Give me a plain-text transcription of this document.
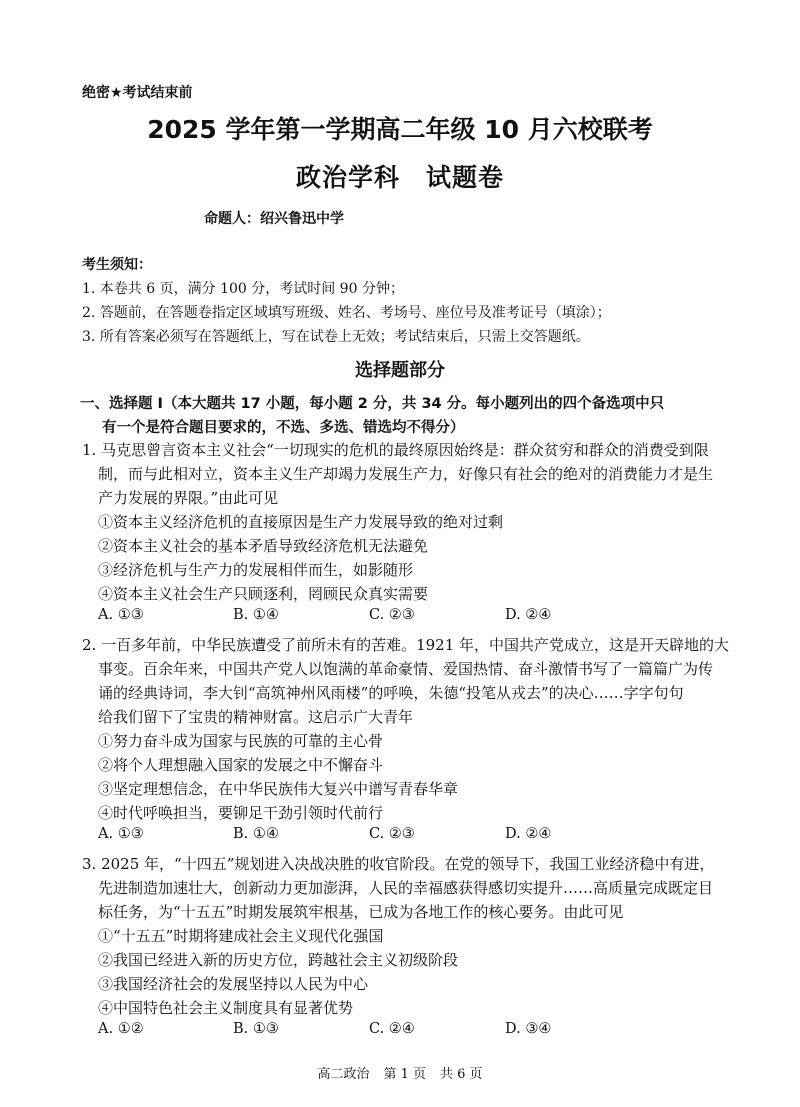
绝密★考试结束前
2025 学年第一学期高二年级 10 月六校联考
政治学科 试题卷
命题人：绍兴鲁迅中学
考生须知：
1. 本卷共 6 页，满分 100 分，考试时间 90 分钟；
2. 答题前，在答题卷指定区域填写班级、姓名、考场号、座位号及准考证号（填涂）；
3. 所有答案必须写在答题纸上，写在试卷上无效；考试结束后，只需上交答题纸。
选择题部分
一、选择题 I（本大题共 17 小题，每小题 2 分，共 34 分。每小题列出的四个备选项中只
有一个是符合题目要求的，不选、多选、错选均不得分）
1. 马克思曾言资本主义社会“一切现实的危机的最终原因始终是：群众贫穷和群众的消费受到限
制，而与此相对立，资本主义生产却竭力发展生产力，好像只有社会的绝对的消费能力才是生
产力发展的界限。”由此可见
①资本主义经济危机的直接原因是生产力发展导致的绝对过剩
②资本主义社会的基本矛盾导致经济危机无法避免
③经济危机与生产力的发展相伴而生，如影随形
④资本主义社会生产只顾逐利，罔顾民众真实需要
A. ①③	B. ①④	C. ②③	D. ②④
2. 一百多年前，中华民族遭受了前所未有的苦难。1921 年，中国共产党成立，这是开天辟地的大
事变。百余年来，中国共产党人以饱满的革命豪情、爱国热情、奋斗激情书写了一篇篇广为传
诵的经典诗词，李大钊“高筑神州风雨楼”的呼唤，朱德“投笔从戎去”的决心……字字句句
给我们留下了宝贵的精神财富。这启示广大青年
①努力奋斗成为国家与民族的可靠的主心骨
②将个人理想融入国家的发展之中不懈奋斗
③坚定理想信念，在中华民族伟大复兴中谱写青春华章
④时代呼唤担当，要铆足干劲引领时代前行
A. ①③	B. ①④	C. ②③	D. ②④
3. 2025 年，“十四五”规划进入决战决胜的收官阶段。在党的领导下，我国工业经济稳中有进，
先进制造加速壮大，创新动力更加澎湃，人民的幸福感获得感切实提升……高质量完成既定目
标任务，为“十五五”时期发展筑牢根基，已成为各地工作的核心要务。由此可见
①“十五五”时期将建成社会主义现代化强国
②我国已经进入新的历史方位，跨越社会主义初级阶段
③我国经济社会的发展坚持以人民为中心
④中国特色社会主义制度具有显著优势
A. ①②	B. ①③	C. ②④	D. ③④
高二政治 第 1 页 共 6 页
